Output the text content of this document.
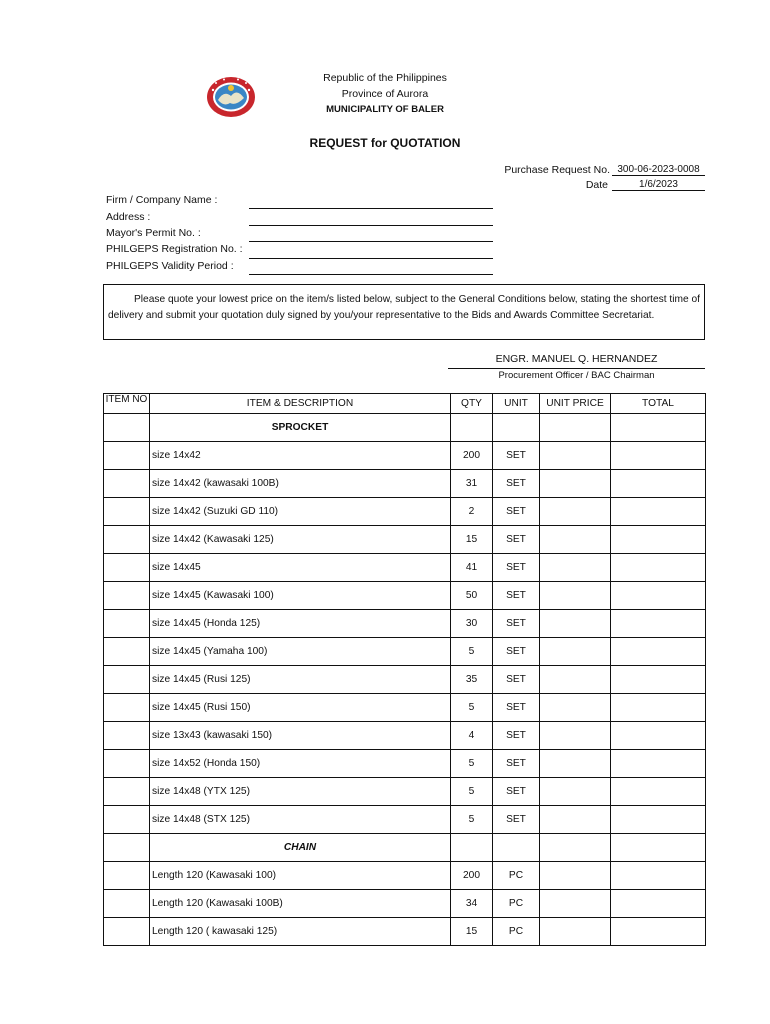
Republic of the Philippines
Province of Aurora
MUNICIPALITY OF BALER
REQUEST for QUOTATION
Purchase Request No. 300-06-2023-0008
Date	1/6/2023
Firm / Company Name :
Address :
Mayor's Permit No. :
PHILGEPS Registration No. :
PHILGEPS Validity Period :
Please quote your lowest price on the item/s listed below, subject to the General Conditions below, stating the shortest time of delivery and submit your quotation duly signed by you/your representative to the Bids and Awards Committee Secretariat.
ENGR. MANUEL Q. HERNANDEZ
Procurement Officer / BAC Chairman
ITEM NO	ITEM & DESCRIPTION	QTY	UNIT	UNIT PRICE	TOTAL
	SPROCKET				
	size 14x42	200	SET		
	size 14x42 (kawasaki 100B)	31	SET		
	size 14x42 (Suzuki GD 110)	2	SET		
	size 14x42 (Kawasaki 125)	15	SET		
	size 14x45	41	SET		
	size 14x45 (Kawasaki 100)	50	SET		
	size 14x45 (Honda 125)	30	SET		
	size 14x45 (Yamaha 100)	5	SET		
	size 14x45 (Rusi 125)	35	SET		
	size 14x45 (Rusi 150)	5	SET		
	size 13x43 (kawasaki 150)	4	SET		
	size 14x52 (Honda 150)	5	SET		
	size 14x48 (YTX 125)	5	SET		
	size 14x48 (STX 125)	5	SET		
	CHAIN				
	Length 120 (Kawasaki 100)	200	PC		
	Length 120 (Kawasaki 100B)	34	PC		
	Length 120 ( kawasaki 125)	15	PC		
